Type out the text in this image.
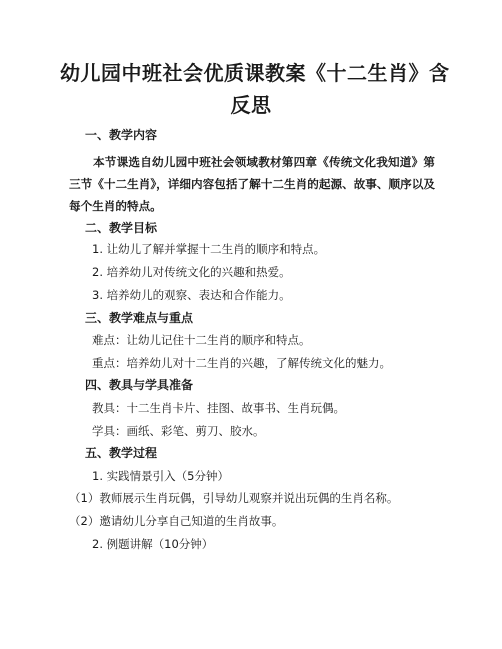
幼儿园中班社会优质课教案《十二生肖》含
反思
一、教学内容
本节课选自幼儿园中班社会领域教材第四章《传统文化我知道》第三节《十二生肖》，详细内容包括了解十二生肖的起源、故事、顺序以及每个生肖的特点。
二、教学目标
1. 让幼儿了解并掌握十二生肖的顺序和特点。
2. 培养幼儿对传统文化的兴趣和热爱。
3. 培养幼儿的观察、表达和合作能力。
三、教学难点与重点
难点：让幼儿记住十二生肖的顺序和特点。
重点：培养幼儿对十二生肖的兴趣，了解传统文化的魅力。
四、教具与学具准备
教具：十二生肖卡片、挂图、故事书、生肖玩偶。
学具：画纸、彩笔、剪刀、胶水。
五、教学过程
1. 实践情景引入（5分钟）
（1）教师展示生肖玩偶，引导幼儿观察并说出玩偶的生肖名称。
（2）邀请幼儿分享自己知道的生肖故事。
2. 例题讲解（10分钟）
